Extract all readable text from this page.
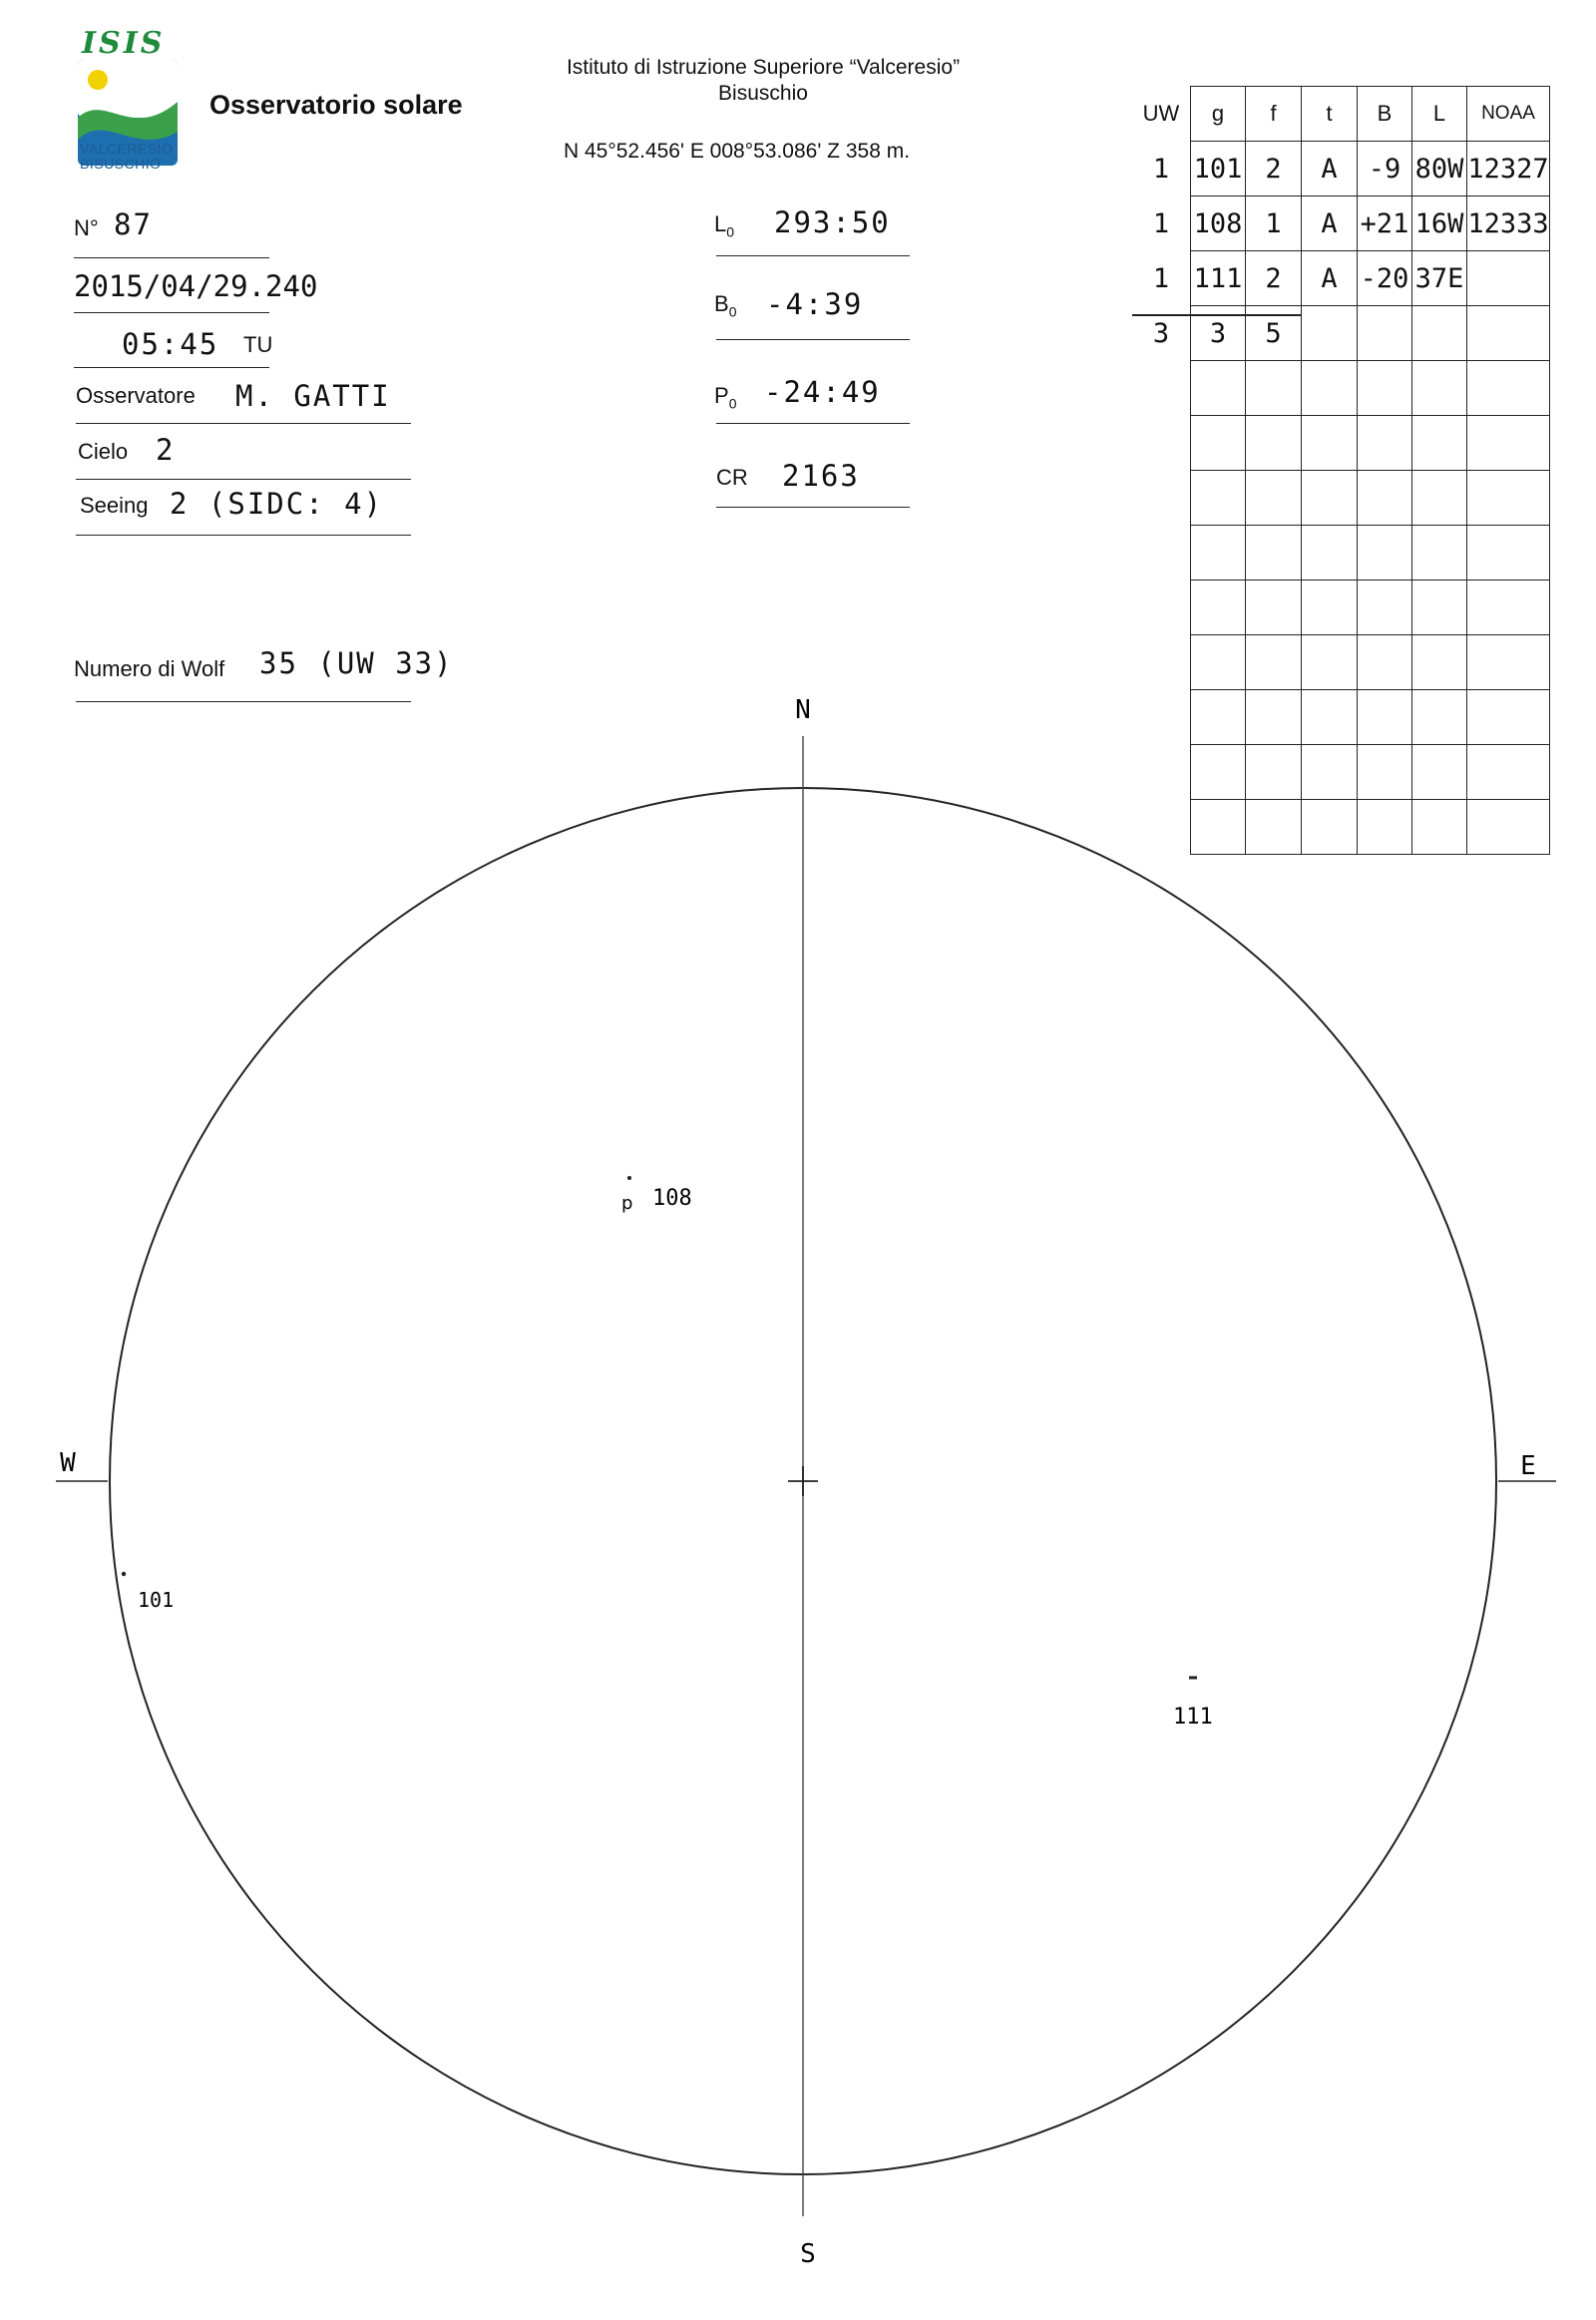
ISIS
VALCERESIO
BISUSCHIO
Osservatorio solare
Istituto di Istruzione Superiore “Valceresio”
Bisuschio
N 45°52.456' E 008°53.086' Z 358 m.
N° 87
2015/04/29.240
05:45 TU
Osservatore M. GATTI
Cielo 2
Seeing 2 (SIDC: 4)
Numero di Wolf 35 (UW 33)
$L_0$ 293:50
$B_0$ -4:39
$P_0$ -24:49
CR 2163
UW	g	f	t	B	L	NOAA
1	101	2	A	-9	80W	12327
1	108	1	A	+21	16W	12333
1	111	2	A	-20	37E	
3	3	5				

N
S
W	E
p 108
101
111
